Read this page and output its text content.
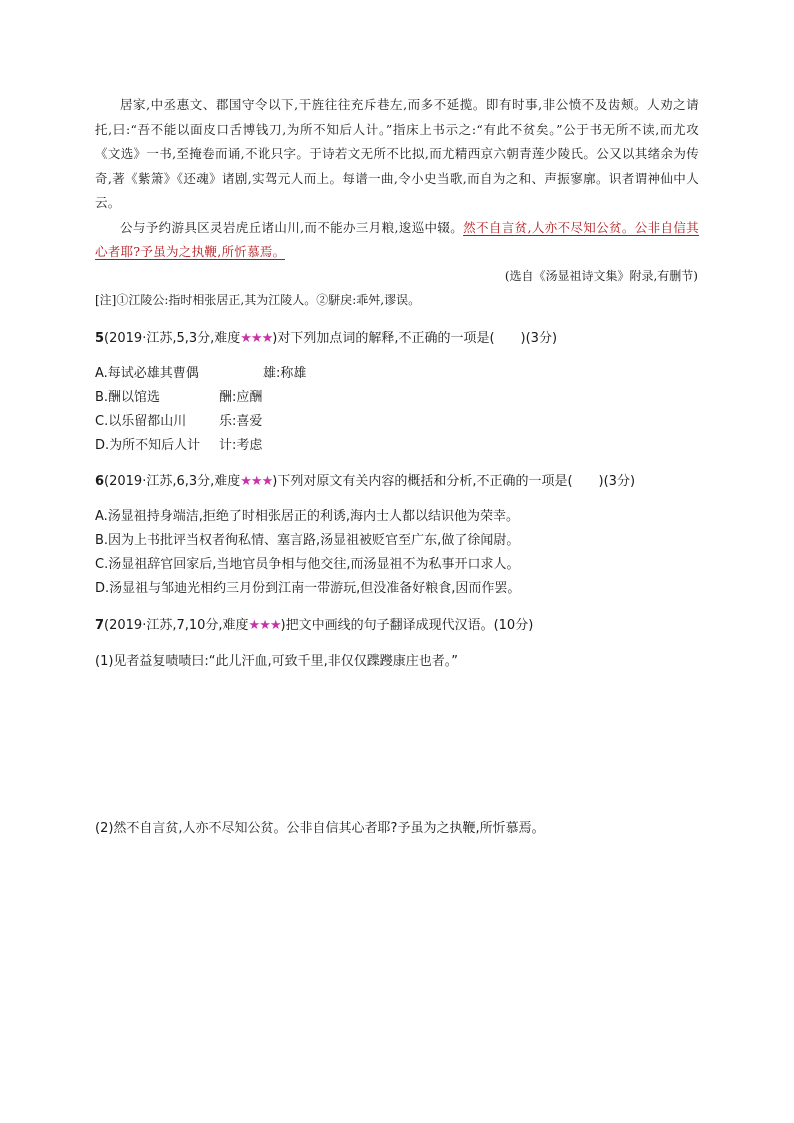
居家,中丞惠文、郡国守令以下,干旌往往充斥巷左,而多不延揽。即有时事,非公愤不及齿颊。人劝之请托,曰:“吾不能以面皮口舌博钱刀,为所不知后人计。”指床上书示之:“有此不贫矣。”公于书无所不读,而尤攻《文选》一书,至掩卷而诵,不讹只字。于诗若文无所不比拟,而尤精西京六朝青莲少陵氏。公又以其绪余为传奇,著《紫箫》《还魂》诸剧,实驾元人而上。每谱一曲,令小史当歌,而自为之和、声振寥廓。识者谓神仙中人云。

公与予约游具区灵岩虎丘诸山川,而不能办三月粮,逡巡中辍。然不自言贫,人亦不尽知公贫。公非自信其心者耶?予虽为之执鞭,所忻慕焉。

(选自《汤显祖诗文集》附录,有删节)
[注]①江陵公:指时相张居正,其为江陵人。②駢戾:乖舛,谬误。
5(2019·江苏,5,3分,难度★★★)对下列加点词的解释,不正确的一项是(　　)(3分)
A.每试必雄其曹偶	雄:称雄
B.酬以馆选	酬:应酬
C.以乐留都山川	乐:喜爱
D.为所不知后人计 计:考虑
6(2019·江苏,6,3分,难度★★★)下列对原文有关内容的概括和分析,不正确的一项是(　　)(3分)
A.汤显祖持身端洁,拒绝了时相张居正的利诱,海内士人都以结识他为荣幸。
B.因为上书批评当权者徇私情、塞言路,汤显祖被贬官至广东,做了徐闻尉。
C.汤显祖辞官回家后,当地官员争相与他交往,而汤显祖不为私事开口求人。
D.汤显祖与邹迪光相约三月份到江南一带游玩,但没准备好粮食,因而作罢。
7(2019·江苏,7,10分,难度★★★)把文中画线的句子翻译成现代汉语。(10分)
(1)见者益复啧啧曰:“此儿汗血,可致千里,非仅仅蹀躞康庄也者。”
(2)然不自言贫,人亦不尽知公贫。公非自信其心者耶?予虽为之执鞭,所忻慕焉。
